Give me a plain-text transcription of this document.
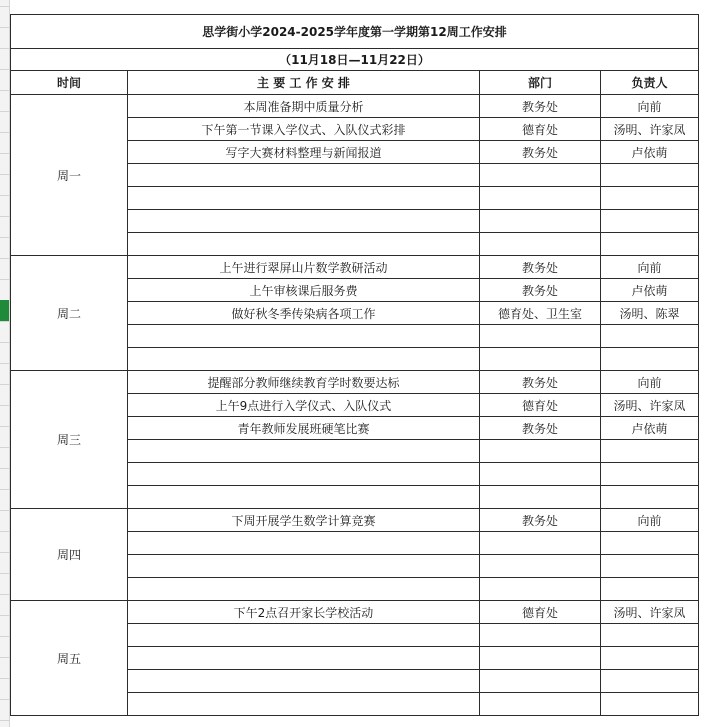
思学街小学2024-2025学年度第一学期第12周工作安排			
（11月18日—11月22日）			
时间	主 要 工 作 安 排	部门	负责人
周一	本周准备期中质量分析	教务处	向前
	下午第一节课入学仪式、入队仪式彩排	德育处	汤明、许家凤
	写字大赛材料整理与新闻报道	教务处	卢依萌

周二	上午进行翠屏山片数学教研活动	教务处	向前
	上午审核课后服务费	教务处	卢依萌
	做好秋冬季传染病各项工作	德育处、卫生室	汤明、陈翠

周三	提醒部分教师继续教育学时数要达标	教务处	向前
	上午9点进行入学仪式、入队仪式	德育处	汤明、许家凤
	青年教师发展班硬笔比赛	教务处	卢依萌

周四	下周开展学生数学计算竞赛	教务处	向前

周五	下午2点召开家长学校活动	德育处	汤明、许家凤
